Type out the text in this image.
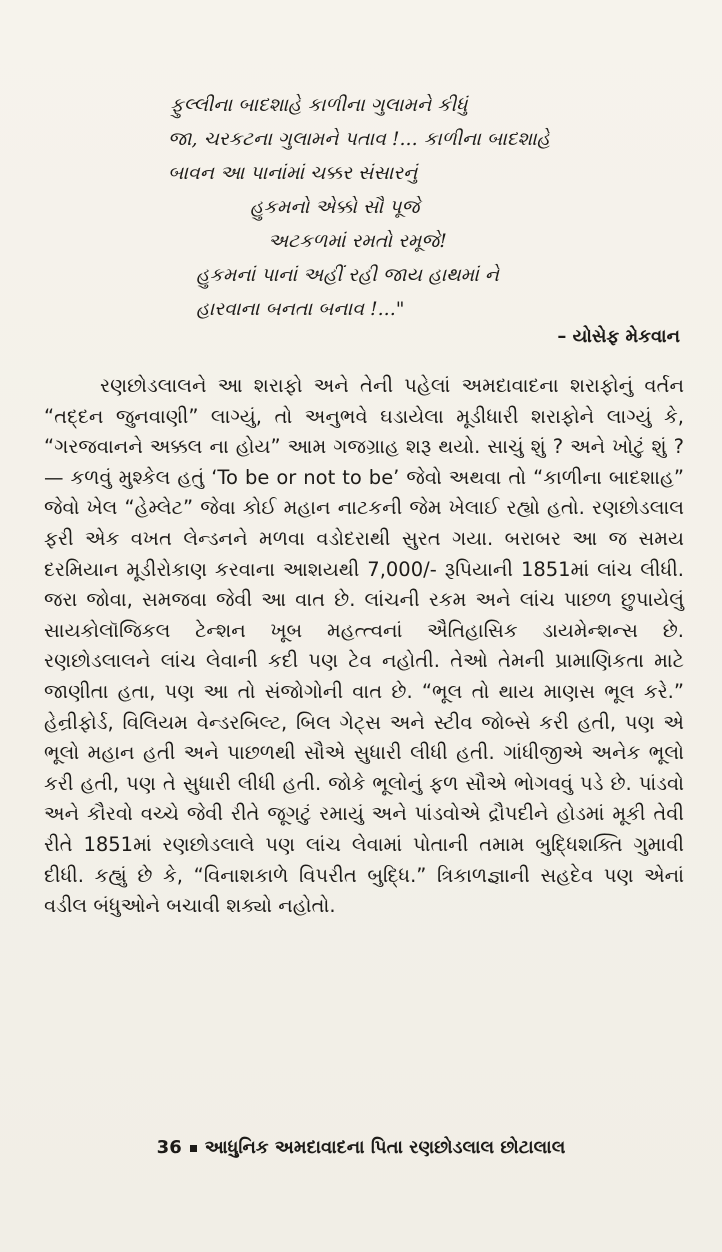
ફુલ્લીના બાદશાહે કાળીના ગુલામને કીધું
જા, ચરકટના ગુલામને પતાવ !... કાળીના બાદશાહે
બાવન આ પાનાંમાં ચક્કર સંસારનું
હુકમનો એક્કો સૌ પૂજે
અટકળમાં રમતો રમૂજે!
હુકમનાં પાનાં અહીં રહી જાય હાથમાં ને
હારવાના બનતા બનાવ !..."
– યોસેફ મેકવાન

રણછોડલાલને આ શરાફો અને તેની પહેલાં અમદાવાદના શરાફોનું વર્તન “તદ્દન જુનવાણી” લાગ્યું, તો અનુભવે ઘડાયેલા મૂડીધારી શરાફોને લાગ્યું કે, “ગરજવાનને અક્કલ ના હોય” આમ ગજગ્રાહ શરૂ થયો. સાચું શું ? અને ખોટું શું ? — કળવું મુશ્કેલ હતું ‘To be or not to be’ જેવો અથવા તો “કાળીના બાદશાહ” જેવો ખેલ “હેમ્લેટ” જેવા કોઈ મહાન નાટકની જેમ ખેલાઈ રહ્યો હતો. રણછોડલાલ ફરી એક વખત લેન્ડનને મળવા વડોદરાથી સુરત ગયા. બરાબર આ જ સમય દરમિયાન મૂડીરોકાણ કરવાના આશયથી 7,000/- રૂપિયાની 1851માં લાંચ લીધી. જરા જોવા, સમજવા જેવી આ વાત છે. લાંચની રકમ અને લાંચ પાછળ છુપાયેલું સાયકોલૉજિકલ ટેન્શન ખૂબ મહત્ત્વનાં ઐતિહાસિક ડાયમેન્શન્સ છે. રણછોડલાલને લાંચ લેવાની કદી પણ ટેવ નહોતી. તેઓ તેમની પ્રામાણિકતા માટે જાણીતા હતા, પણ આ તો સંજોગોની વાત છે. “ભૂલ તો થાય માણસ ભૂલ કરે.” હેન્રીફોર્ડ, વિલિયમ વેન્ડરબિલ્ટ, બિલ ગેટ્સ અને સ્ટીવ જોબ્સે કરી હતી, પણ એ ભૂલો મહાન હતી અને પાછળથી સૌએ સુધારી લીધી હતી. ગાંધીજીએ અનેક ભૂલો કરી હતી, પણ તે સુધારી લીધી હતી. જોકે ભૂલોનું ફળ સૌએ ભોગવવું પડે છે. પાંડવો અને કૌરવો વચ્ચે જેવી રીતે જૂગટું રમાયું અને પાંડવોએ દ્રૌપદીને હોડમાં મૂકી તેવી રીતે 1851માં રણછોડલાલે પણ લાંચ લેવામાં પોતાની તમામ બુદ્ધિશક્તિ ગુમાવી દીધી. કહ્યું છે કે, “વિનાશકાળે વિપરીત બુદ્ધિ.” ત્રિકાળજ્ઞાની સહદેવ પણ એનાં વડીલ બંધુઓને બચાવી શક્યો નહોતો.

36 આધુનિક અમદાવાદના પિતા રણછોડલાલ છોટાલાલ
